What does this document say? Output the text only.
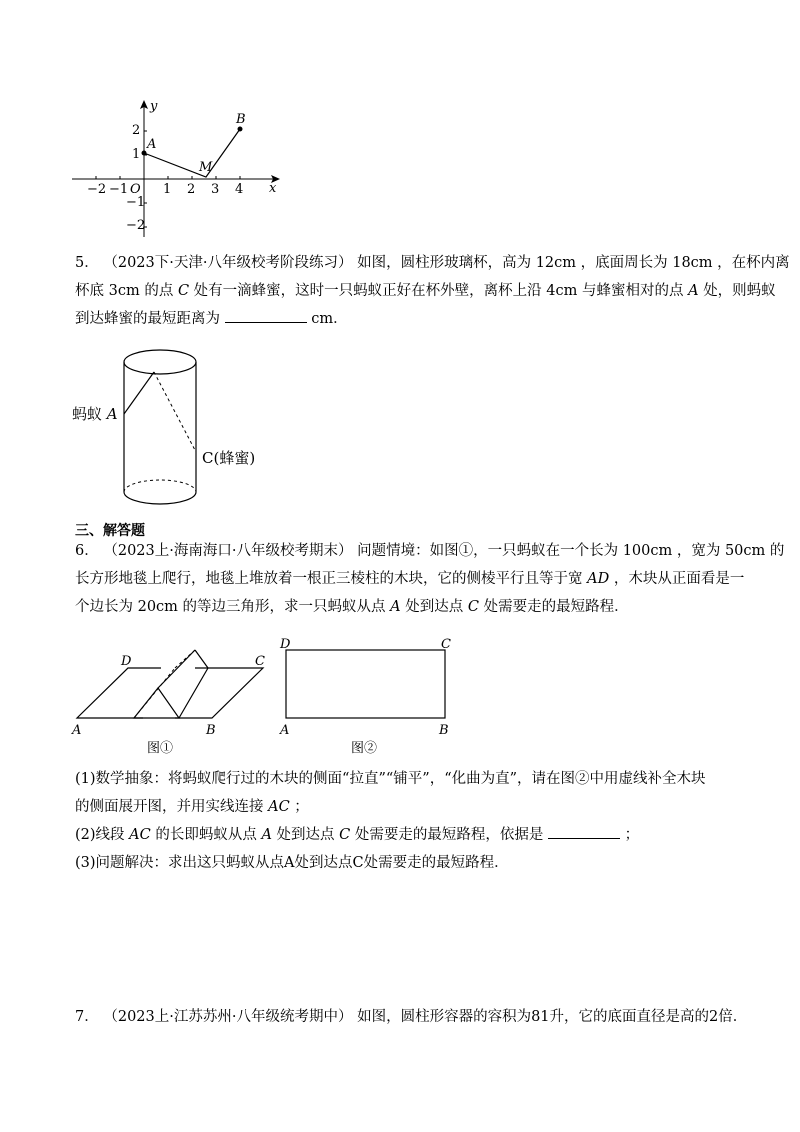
x
y
O
−2 −1	1 2 3 4
2
1
−1
−2
A
B
M
5． （2023下·天津·八年级校考阶段练习） 如图，圆柱形玻璃杯，高为 12cm ，底面周长为 18cm ，在杯内离
杯底 3cm 的点 C 处有一滴蜂蜜，这时一只蚂蚁正好在杯外壁，离杯上沿 4cm 与蜂蜜相对的点 A 处，则蚂蚁
到达蜂蜜的最短距离为	cm．
蚂蚁 A
C(蜂蜜)
三、解答题
6． （2023上·海南海口·八年级校考期末） 问题情境：如图①，一只蚂蚁在一个长为 100cm ，宽为 50cm 的
长方形地毯上爬行，地毯上堆放着一根正三棱柱的木块，它的侧棱平行且等于宽 AD ，木块从正面看是一
个边长为 20cm 的等边三角形，求一只蚂蚁从点 A 处到达点 C 处需要走的最短路程．
D	C
A	B
图①
D	C
A	B
图②
(1)数学抽象：将蚂蚁爬行过的木块的侧面“拉直”“铺平”，“化曲为直”，请在图②中用虚线补全木块
的侧面展开图，并用实线连接 AC ；
(2)线段 AC 的长即蚂蚁从点 A 处到达点 C 处需要走的最短路程，依据是	；
(3)问题解决：求出这只蚂蚁从点A处到达点C处需要走的最短路程．
7． （2023上·江苏苏州·八年级统考期中） 如图，圆柱形容器的容积为81升，它的底面直径是高的2倍．
